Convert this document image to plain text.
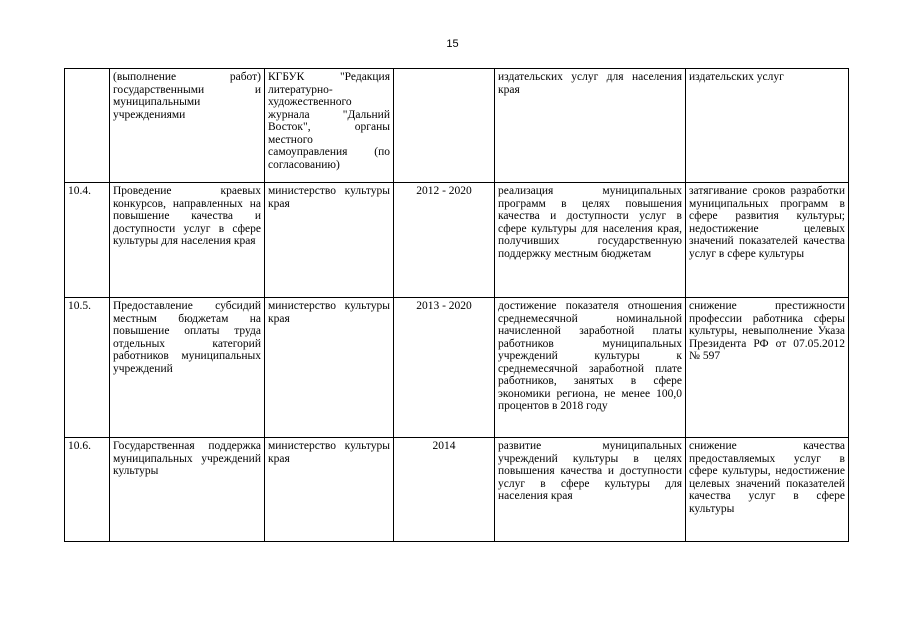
15
	(выполнение работ) государственными и муниципальными учреждениями	КГБУК "Редакция литературно-художественного журнала "Дальний Восток", органы местного самоуправления (по согласованию)		издательских услуг для населения края	издательских услуг
10.4.	Проведение краевых конкурсов, направленных на повышение качества и доступности услуг в сфере культуры для населения края	министерство культуры края	2012 - 2020	реализация муниципальных программ в целях повышения качества и доступности услуг в сфере культуры для населения края, получивших государственную поддержку местным бюджетам	затягивание сроков разработки муниципальных программ в сфере развития культуры; недостижение целевых значений показателей качества услуг в сфере культуры
10.5.	Предоставление субсидий местным бюджетам на повышение оплаты труда отдельных категорий работников муниципальных учреждений	министерство культуры края	2013 - 2020	достижение показателя отношения среднемесячной номинальной начисленной заработной платы работников муниципальных учреждений культуры к среднемесячной заработной плате работников, занятых в сфере экономики региона, не менее 100,0 процентов в 2018 году	снижение престижности профессии работника сферы культуры, невыполнение Указа Президента РФ от 07.05.2012 № 597
10.6.	Государственная поддержка муниципальных учреждений культуры	министерство культуры края	2014	развитие муниципальных учреждений культуры в целях повышения качества и доступности услуг в сфере культуры для населения края	снижение качества предоставляемых услуг в сфере культуры, недостижение целевых значений показателей качества услуг в сфере культуры
